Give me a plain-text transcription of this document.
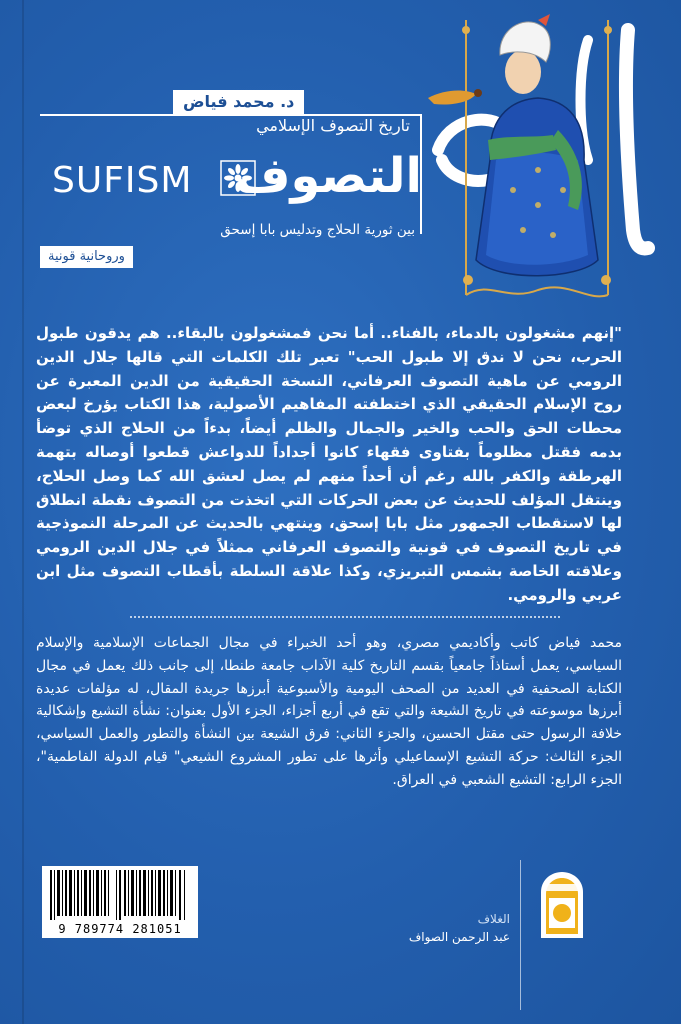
د. محمد فياض
تاريخ التصوف الإسلامي
SUFISM التصوف
بين ثورية الحلاج وتدليس بابا إسحق
وروحانية قونية
"إنهم مشغولون بالدماء، بالفناء.. أما نحن فمشغولون بالبقاء.. هم يدقون طبول الحرب، نحن لا ندق إلا طبول الحب" تعبر تلك الكلمات التي قالها جلال الدين الرومي عن ماهية التصوف العرفاني، النسخة الحقيقية من الدين المعبرة عن روح الإسلام الحقيقي الذي اختطفته المفاهيم الأصولية، هذا الكتاب يؤرخ لبعض محطات الحق والحب والخير والجمال والظلم أيضاً، بدءاً من الحلاج الذي توضأ بدمه فقتل مظلوماً بفتاوى فقهاء كانوا أجداداً للدواعش قطعوا أوصاله بتهمة الهرطقة والكفر بالله رغم أن أحداً منهم لم يصل لعشق الله كما وصل الحلاج، وينتقل المؤلف للحديث عن بعض الحركات التي اتخذت من التصوف نقطة انطلاق لها لاستقطاب الجمهور مثل بابا إسحق، وينتهي بالحديث عن المرحلة النموذجية في تاريخ التصوف في قونية والتصوف العرفاني ممثلاً في جلال الدين الرومي وعلاقته الخاصة بشمس التبريزي، وكذا علاقة السلطة بأقطاب التصوف مثل ابن عربي والرومي.
محمد فياض كاتب وأكاديمي مصري، وهو أحد الخبراء في مجال الجماعات الإسلامية والإسلام السياسي، يعمل أستاذاً جامعياً بقسم التاريخ كلية الآداب جامعة طنطا، إلى جانب ذلك يعمل في مجال الكتابة الصحفية في العديد من الصحف اليومية والأسبوعية أبرزها جريدة المقال، له مؤلفات عديدة أبرزها موسوعته في تاريخ الشيعة والتي تقع في أربع أجزاء، الجزء الأول بعنوان: نشأة التشيع وإشكالية خلافة الرسول حتى مقتل الحسين، والجزء الثاني: فرق الشيعة بين النشأة والتطور والعمل السياسي، الجزء الثالث: حركة التشيع الإسماعيلي وأثرها على تطور المشروع الشيعي" قيام الدولة الفاطمية"، الجزء الرابع: التشيع الشعبي في العراق.
9 789774 281051
الغلاف
عبد الرحمن الصواف
